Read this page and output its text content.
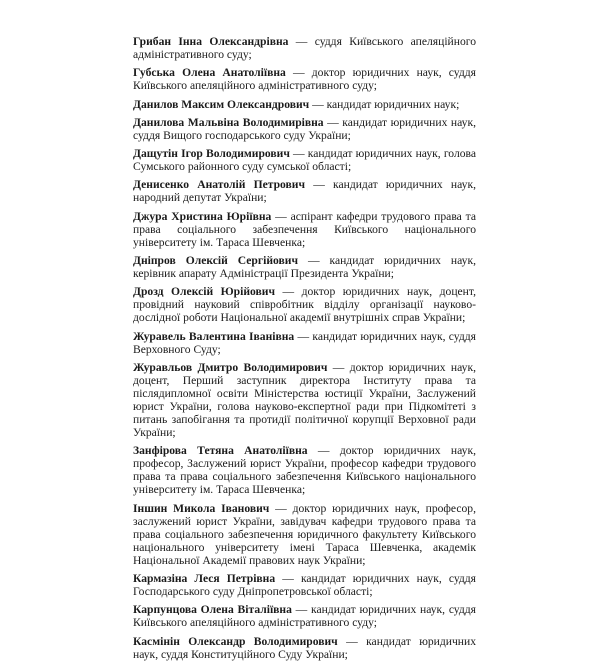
Грибан Інна Олександрівна — суддя Київського апеляційного адміністративного суду;

Губська Олена Анатоліївна — доктор юридичних наук, суддя Київського апеляційного адміністративного суду;

Данилов Максим Олександрович — кандидат юридичних наук;

Данилова Мальвіна Володимирівна — кандидат юридичних наук, суддя Вищого господарського суду України;

Дащутін Ігор Володимирович — кандидат юридичних наук, голова Сумського районного суду сумської області;

Денисенко Анатолій Петрович — кандидат юридичних наук, народний депутат України;

Джура Христина Юріївна — аспірант кафедри трудового права та права соціального забезпечення Київського національного університету ім. Тараса Шевченка;

Дніпров Олексій Сергійович — кандидат юридичних наук, керівник апарату Адміністрації Президента України;

Дрозд Олексій Юрійович — доктор юридичних наук, доцент, провідний науковий співробітник відділу організації науково-дослідної роботи Національної академії внутрішніх справ України;

Журавель Валентина Іванівна — кандидат юридичних наук, суддя Верховного Суду;

Журавльов Дмитро Володимирович — доктор юридичних наук, доцент, Перший заступник директора Інституту права та післядипломної освіти Міністерства юстиції України, Заслужений юрист України, голова науково-експертної ради при Підкомітеті з питань запобігання та протидії політичної корупції Верховної ради України;

Занфірова Тетяна Анатоліївна — доктор юридичних наук, професор, Заслужений юрист України, професор кафедри трудового права та права соціального забезпечення Київського національного університету ім. Тараса Шевченка;

Іншин Микола Іванович — доктор юридичних наук, професор, заслужений юрист України, завідувач кафедри трудового права та права соціального забезпечення юридичного факультету Київського національного університету імені Тараса Шевченка, академік Національної Академії правових наук України;

Кармазіна Леся Петрівна — кандидат юридичних наук, суддя Господарського суду Дніпропетровської області;

Карпунцова Олена Віталіївна — кандидат юридичних наук, суддя Київського апеляційного адміністративного суду;

Касмінін Олександр Володимирович — кандидат юридичних наук, суддя Конституційного Суду України;
